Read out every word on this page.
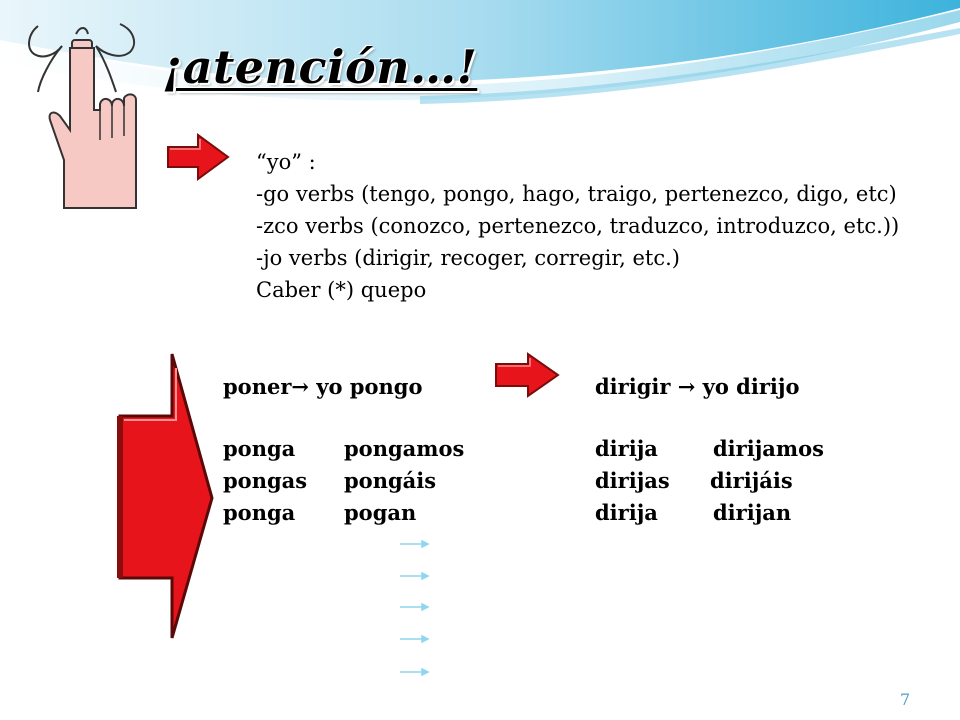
¡atención…!
“yo” :
-go verbs (tengo, pongo, hago, traigo, pertenezco, digo, etc)
-zco verbs (conozco, pertenezco, traduzco, introduzco, etc.))
-jo verbs (dirigir, recoger, corregir, etc.)
Caber (*) quepo
poner→ yo pongo
ponga pongamos
pongas pongáis
ponga pogan
dirigir → yo dirijo
dirija	dirijamos
dirijas dirijáis
dirija	dirijan
7
